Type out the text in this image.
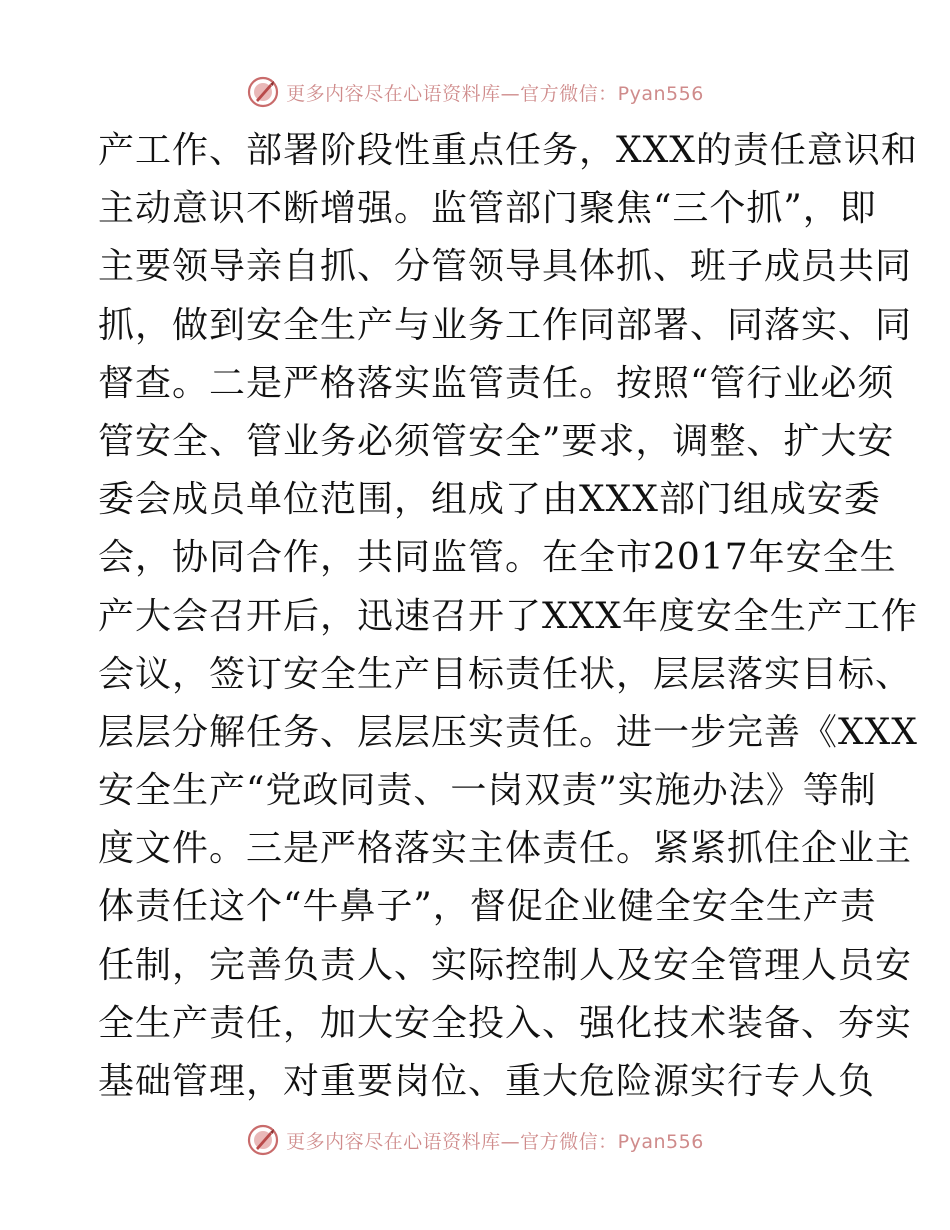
更多内容尽在心语资料库—官方微信：Pyan556
产工作、部署阶段性重点任务，XXX的责任意识和
主动意识不断增强。监管部门聚焦“三个抓”，即
主要领导亲自抓、分管领导具体抓、班子成员共同
抓，做到安全生产与业务工作同部署、同落实、同
督查。二是严格落实监管责任。按照“管行业必须
管安全、管业务必须管安全”要求，调整、扩大安
委会成员单位范围，组成了由XXX部门组成安委
会，协同合作，共同监管。在全市2017年安全生
产大会召开后，迅速召开了XXX年度安全生产工作
会议，签订安全生产目标责任状，层层落实目标、
层层分解任务、层层压实责任。进一步完善《XXX
安全生产“党政同责、一岗双责”实施办法》等制
度文件。三是严格落实主体责任。紧紧抓住企业主
体责任这个“牛鼻子”，督促企业健全安全生产责
任制，完善负责人、实际控制人及安全管理人员安
全生产责任，加大安全投入、强化技术装备、夯实
基础管理，对重要岗位、重大危险源实行专人负
更多内容尽在心语资料库—官方微信：Pyan556
